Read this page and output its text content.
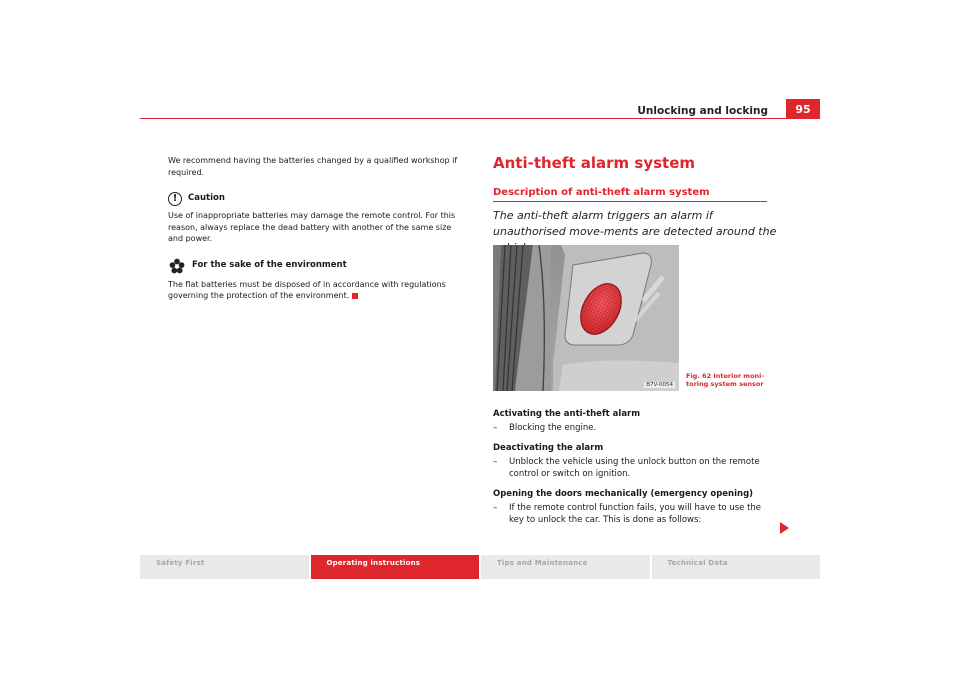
Unlocking and locking	95

We recommend having the batteries changed by a qualified workshop if required.

!	Caution

Use of inappropriate batteries may damage the remote control. For this reason, always replace the dead battery with another of the same size and power.

For the sake of the environment

The flat batteries must be disposed of in accordance with regulations governing the protection of the environment.

Anti-theft alarm system
Description of anti-theft alarm system
The anti-theft alarm triggers an alarm if unauthorised move-ments are detected around the
B7V-0054
Fig. 62 Interior moni-toring system sensor

Activating the anti-theft alarm

–	Blocking the engine.

Deactivating the alarm

–	Unblock the vehicle using the unlock button on the remote control or switch on ignition.

Opening the doors mechanically (emergency opening)

–	If the remote control function fails, you will have to use the key to unlock the car. This is done as follows:
Safety First	Operating instructions	Tips and Maintenance	Technical Data
